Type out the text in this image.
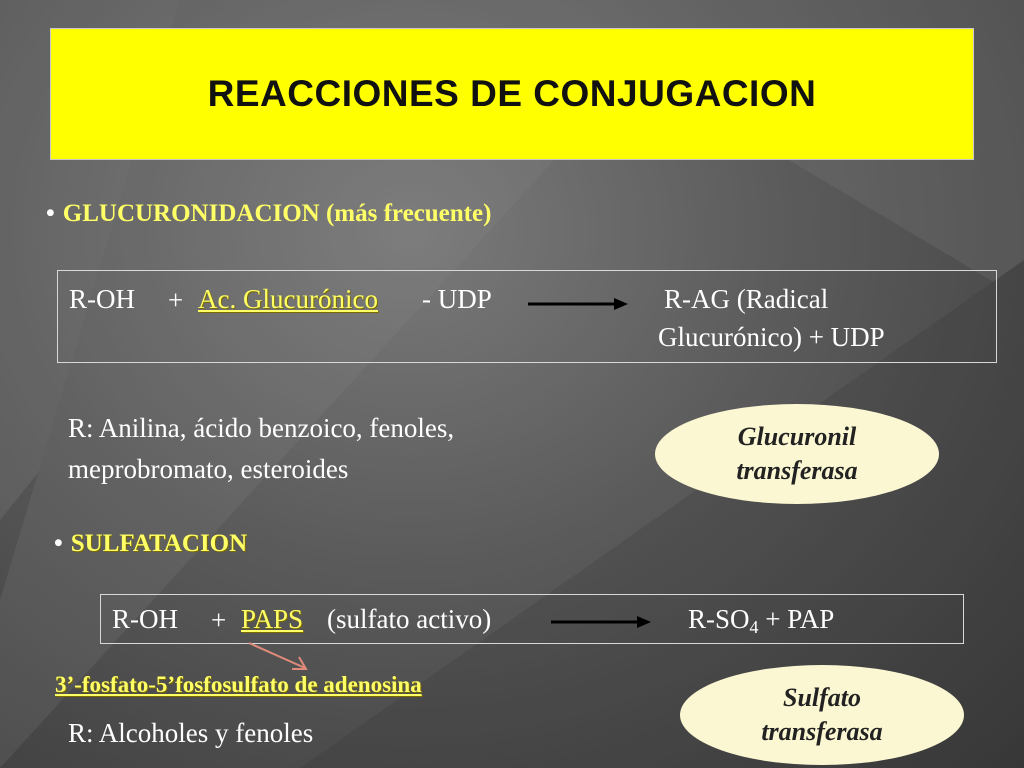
REACCIONES DE CONJUGACION
• GLUCURONIDACION (más frecuente)
R-OH + Ac. Glucurónico - UDP	R-AG (Radical
Glucurónico) + UDP
R: Anilina, ácido benzoico, fenoles,
meprobromato, esteroides
Glucuronil
transferasa
• SULFATACION
R-OH + PAPS (sulfato activo)	$R-SO_4$ + PAP
3’-fosfato-5’fosfosulfato de adenosina
R: Alcoholes y fenoles
Sulfato
transferasa
